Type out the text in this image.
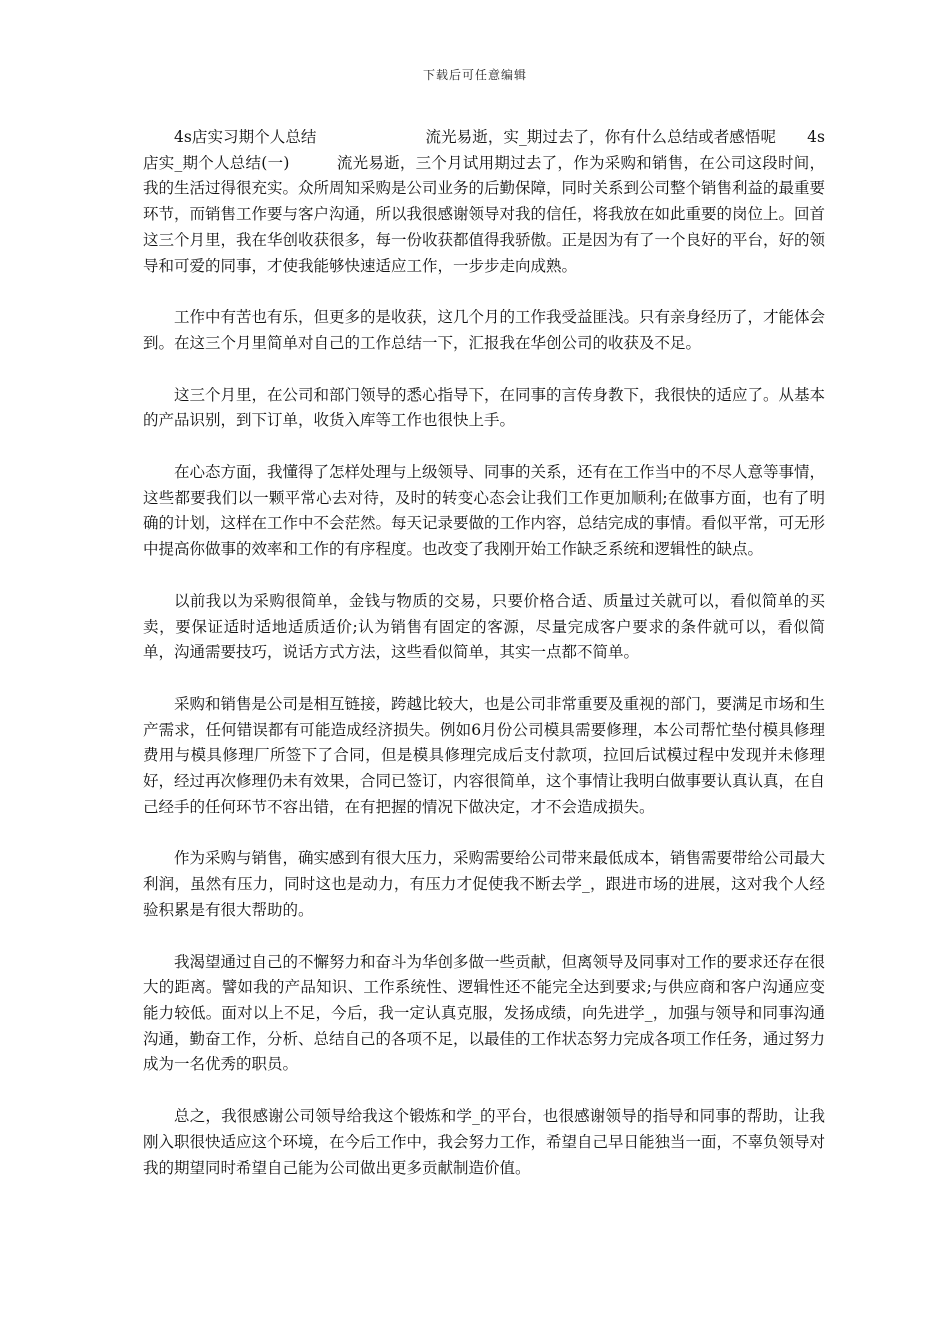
下载后可任意编辑

4s店实习期个人总结　　　　　　　流光易逝，实_期过去了，你有什么总结或者感悟呢　　4s店实_期个人总结(一)　　　流光易逝，三个月试用期过去了，作为采购和销售，在公司这段时间，我的生活过得很充实。众所周知采购是公司业务的后勤保障，同时关系到公司整个销售利益的最重要环节，而销售工作要与客户沟通，所以我很感谢领导对我的信任，将我放在如此重要的岗位上。回首这三个月里，我在华创收获很多，每一份收获都值得我骄傲。正是因为有了一个良好的平台，好的领导和可爱的同事，才使我能够快速适应工作，一步步走向成熟。

工作中有苦也有乐，但更多的是收获，这几个月的工作我受益匪浅。只有亲身经历了，才能体会到。在这三个月里简单对自己的工作总结一下，汇报我在华创公司的收获及不足。

这三个月里，在公司和部门领导的悉心指导下，在同事的言传身教下，我很快的适应了。从基本的产品识别，到下订单，收货入库等工作也很快上手。

在心态方面，我懂得了怎样处理与上级领导、同事的关系，还有在工作当中的不尽人意等事情，这些都要我们以一颗平常心去对待，及时的转变心态会让我们工作更加顺利;在做事方面，也有了明确的计划，这样在工作中不会茫然。每天记录要做的工作内容，总结完成的事情。看似平常，可无形中提高你做事的效率和工作的有序程度。也改变了我刚开始工作缺乏系统和逻辑性的缺点。

以前我以为采购很简单，金钱与物质的交易，只要价格合适、质量过关就可以，看似简单的买卖，要保证适时适地适质适价;认为销售有固定的客源，尽量完成客户要求的条件就可以，看似简单，沟通需要技巧，说话方式方法，这些看似简单，其实一点都不简单。

采购和销售是公司是相互链接，跨越比较大，也是公司非常重要及重视的部门，要满足市场和生产需求，任何错误都有可能造成经济损失。例如6月份公司模具需要修理，本公司帮忙垫付模具修理费用与模具修理厂所签下了合同，但是模具修理完成后支付款项，拉回后试模过程中发现并未修理好，经过再次修理仍未有效果，合同已签订，内容很简单，这个事情让我明白做事要认真认真，在自己经手的任何环节不容出错，在有把握的情况下做决定，才不会造成损失。

作为采购与销售，确实感到有很大压力，采购需要给公司带来最低成本，销售需要带给公司最大利润，虽然有压力，同时这也是动力，有压力才促使我不断去学_，跟进市场的进展，这对我个人经验积累是有很大帮助的。

我渴望通过自己的不懈努力和奋斗为华创多做一些贡献，但离领导及同事对工作的要求还存在很大的距离。譬如我的产品知识、工作系统性、逻辑性还不能完全达到要求;与供应商和客户沟通应变能力较低。面对以上不足，今后，我一定认真克服，发扬成绩，向先进学_，加强与领导和同事沟通沟通，勤奋工作，分析、总结自己的各项不足，以最佳的工作状态努力完成各项工作任务，通过努力成为一名优秀的职员。

总之，我很感谢公司领导给我这个锻炼和学_的平台，也很感谢领导的指导和同事的帮助，让我刚入职很快适应这个环境，在今后工作中，我会努力工作，希望自己早日能独当一面，不辜负领导对我的期望同时希望自己能为公司做出更多贡献制造价值。
